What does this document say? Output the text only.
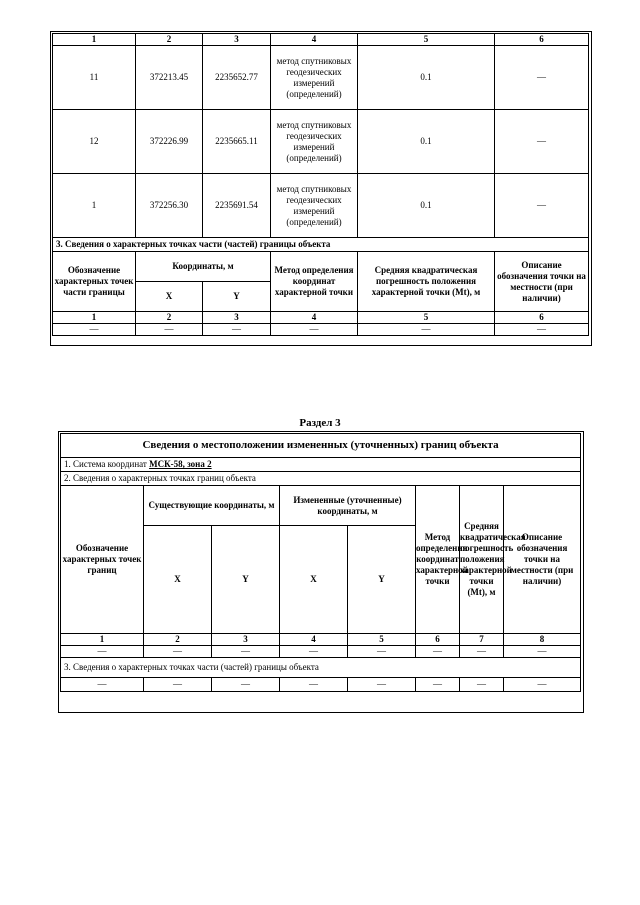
1	2	3	4	5	6
11	372213.45	2235652.77	метод спутниковых геодезических измерений (определений)	0.1	—
12	372226.99	2235665.11	метод спутниковых геодезических измерений (определений)	0.1	—
1	372256.30	2235691.54	метод спутниковых геодезических измерений (определений)	0.1	—
3. Сведения о характерных точках части (частей) границы объекта					
Обозначение характерных точек части границы	Координаты, м		Метод определения координат характерной точки	Средняя квадратическая погрешность положения характерной точки (Mt), м	Описание обозначения точки на местности (при наличии)
	X	Y			
1	2	3	4	5	6
—	—	—	—	—	—
Раздел 3
Сведения о местоположении измененных (уточненных) границ объекта							
1. Система координат МСК-58, зона 2							
2. Сведения о характерных точках границ объекта							
Обозначение характерных точек границ	Существующие координаты, м		Измененные (уточненные) координаты, м		Метод определения координат характерной точки	Средняя квадратическая погрешность положения характерной точки (Mt), м	Описание обозначения точки на местности (при наличии)
	X	Y	X	Y			
1	2	3	4	5	6	7	8
—	—	—	—	—	—	—	—
3. Сведения о характерных точках части (частей) границы объекта							
—	—	—	—	—	—	—	—
